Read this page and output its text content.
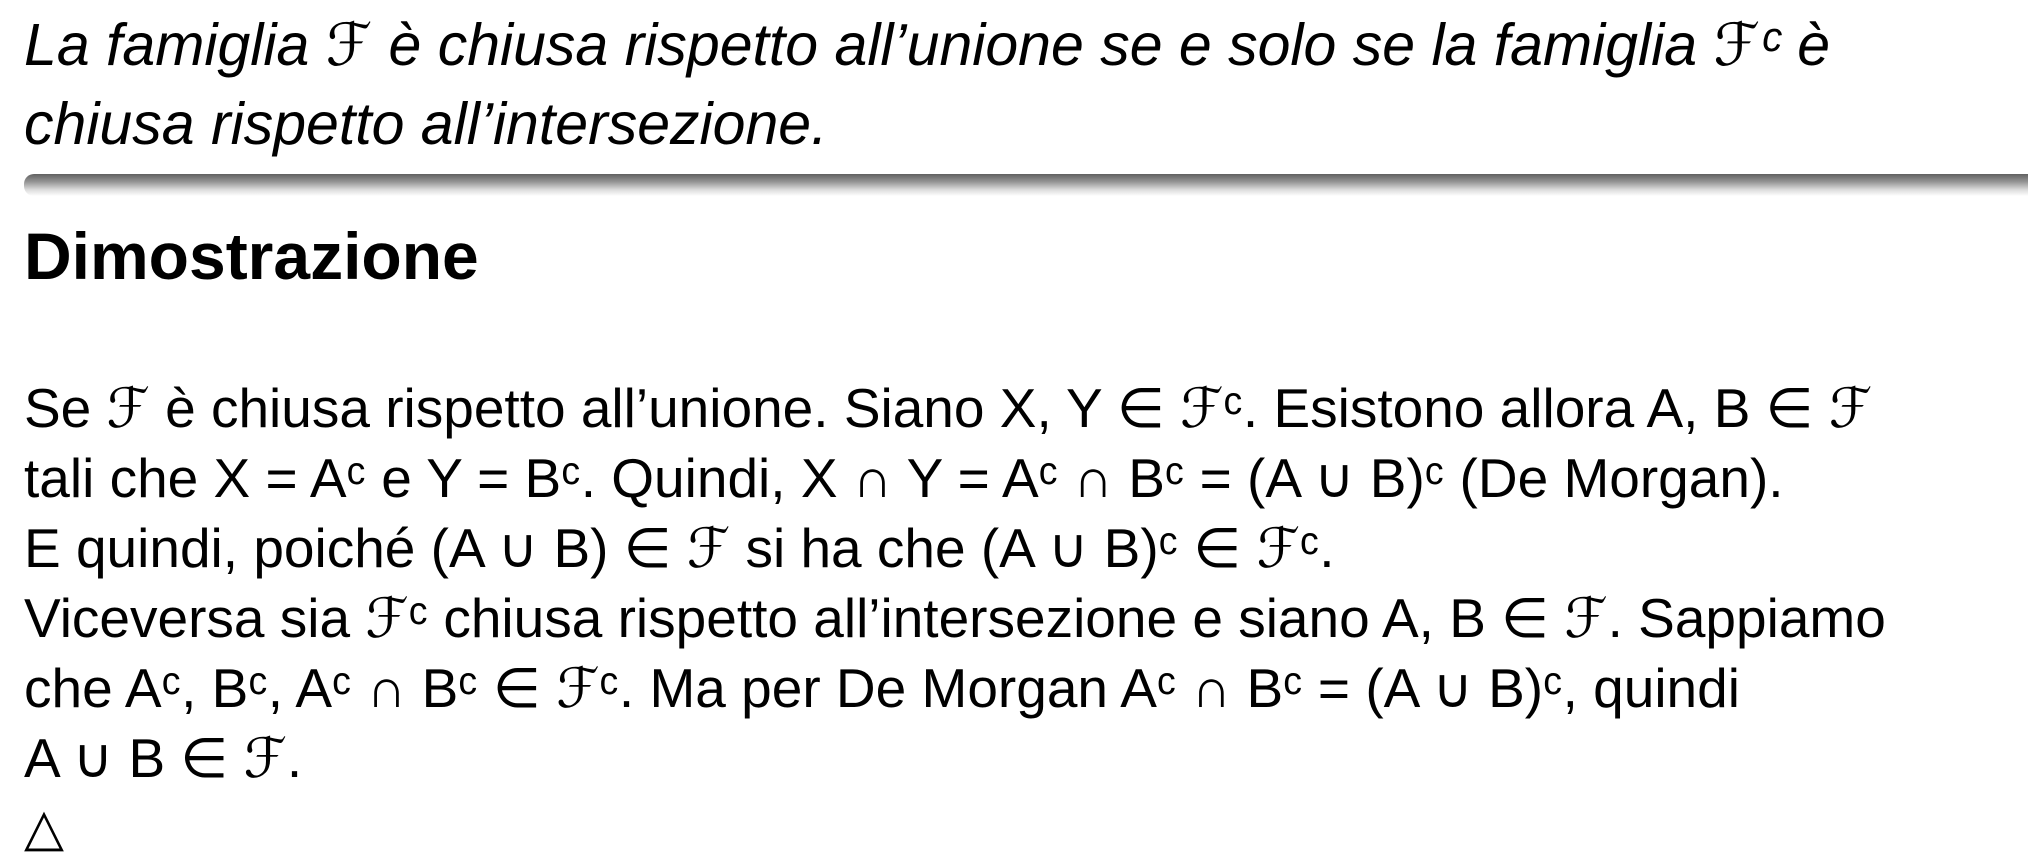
La famiglia ℱ è chiusa rispetto all’unione se e solo se la famiglia ℱᶜ è
chiusa rispetto all’intersezione.
Dimostrazione
Se ℱ è chiusa rispetto all’unione. Siano X, Y ∈ ℱᶜ. Esistono allora A, B ∈ ℱ
tali che X = Aᶜ e Y = Bᶜ. Quindi, X ∩ Y = Aᶜ ∩ Bᶜ = (A ∪ B)ᶜ (De Morgan).
E quindi, poiché (A ∪ B) ∈ ℱ si ha che (A ∪ B)ᶜ ∈ ℱᶜ.
Viceversa sia ℱᶜ chiusa rispetto all’intersezione e siano A, B ∈ ℱ. Sappiamo
che Aᶜ, Bᶜ, Aᶜ ∩ Bᶜ ∈ ℱᶜ. Ma per De Morgan Aᶜ ∩ Bᶜ = (A ∪ B)ᶜ, quindi
A ∪ B ∈ ℱ.
△
